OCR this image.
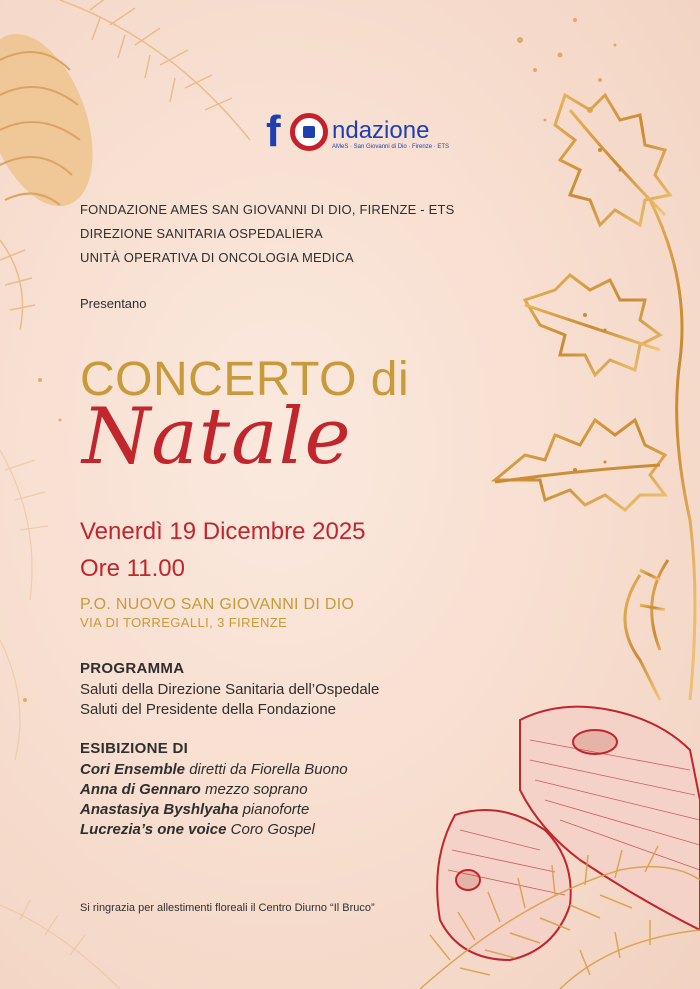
f ndazione
AMeS · San Giovanni di Dio · Firenze · ETS

FONDAZIONE AMES SAN GIOVANNI DI DIO, FIRENZE - ETS

DIREZIONE SANITARIA OSPEDALIERA

UNITÀ OPERATIVA DI ONCOLOGIA MEDICA

Presentano

CONCERTO di
Natale
Venerdì 19 Dicembre 2025
Ore 11.00
P.O. NUOVO SAN GIOVANNI DI DIO
VIA DI TORREGALLI, 3 FIRENZE
PROGRAMMA
Saluti della Direzione Sanitaria dell’Ospedale
Saluti del Presidente della Fondazione
ESIBIZIONE DI
Cori Ensemble diretti da Fiorella Buono
Anna di Gennaro mezzo soprano
Anastasiya Byshlyaha pianoforte
Lucrezia’s one voice Coro Gospel
Si ringrazia per allestimenti floreali il Centro Diurno “Il Bruco”
